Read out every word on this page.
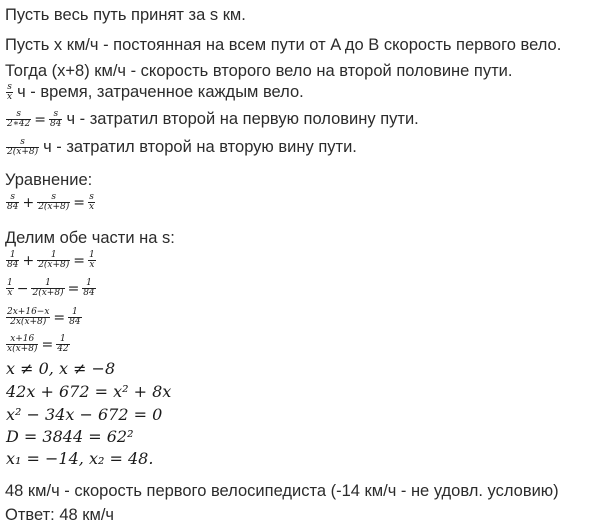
Пусть весь путь принят за s км.
Пусть x км/ч - постоянная на всем пути от A до B скорость первого вело.
Тогда (x+8) км/ч - скорость второго вело на второй половине пути.
$\frac{s}{x}$ ч - время, затраченное каждым вело.
$\frac{s}{2∗42} = \frac{s}{84}$ ч - затратил второй на первую половину пути.
$\frac{s}{2(x+8)}$ ч - затратил второй на вторую вину пути.
Уравнение:
$\frac{s}{84} + \frac{s}{2(x+8)} = \frac{s}{x}$
Делим обе части на s:
$\frac{1}{84} + \frac{1}{2(x+8)} = \frac{1}{x}$
$\frac{1}{x} - \frac{1}{2(x+8)} = \frac{1}{84}$
$\frac{2x+16-x}{2x(x+8)} = \frac{1}{84}$
$\frac{x+16}{x(x+8)} = \frac{1}{42}$
x ≠ 0, x ≠ −8
42x + 672 = x² + 8x
x² − 34x − 672 = 0
D = 3844 = 62²
x₁ = −14, x₂ = 48.
48 км/ч - скорость первого велосипедиста (-14 км/ч - не удовл. условию)
Ответ: 48 км/ч
